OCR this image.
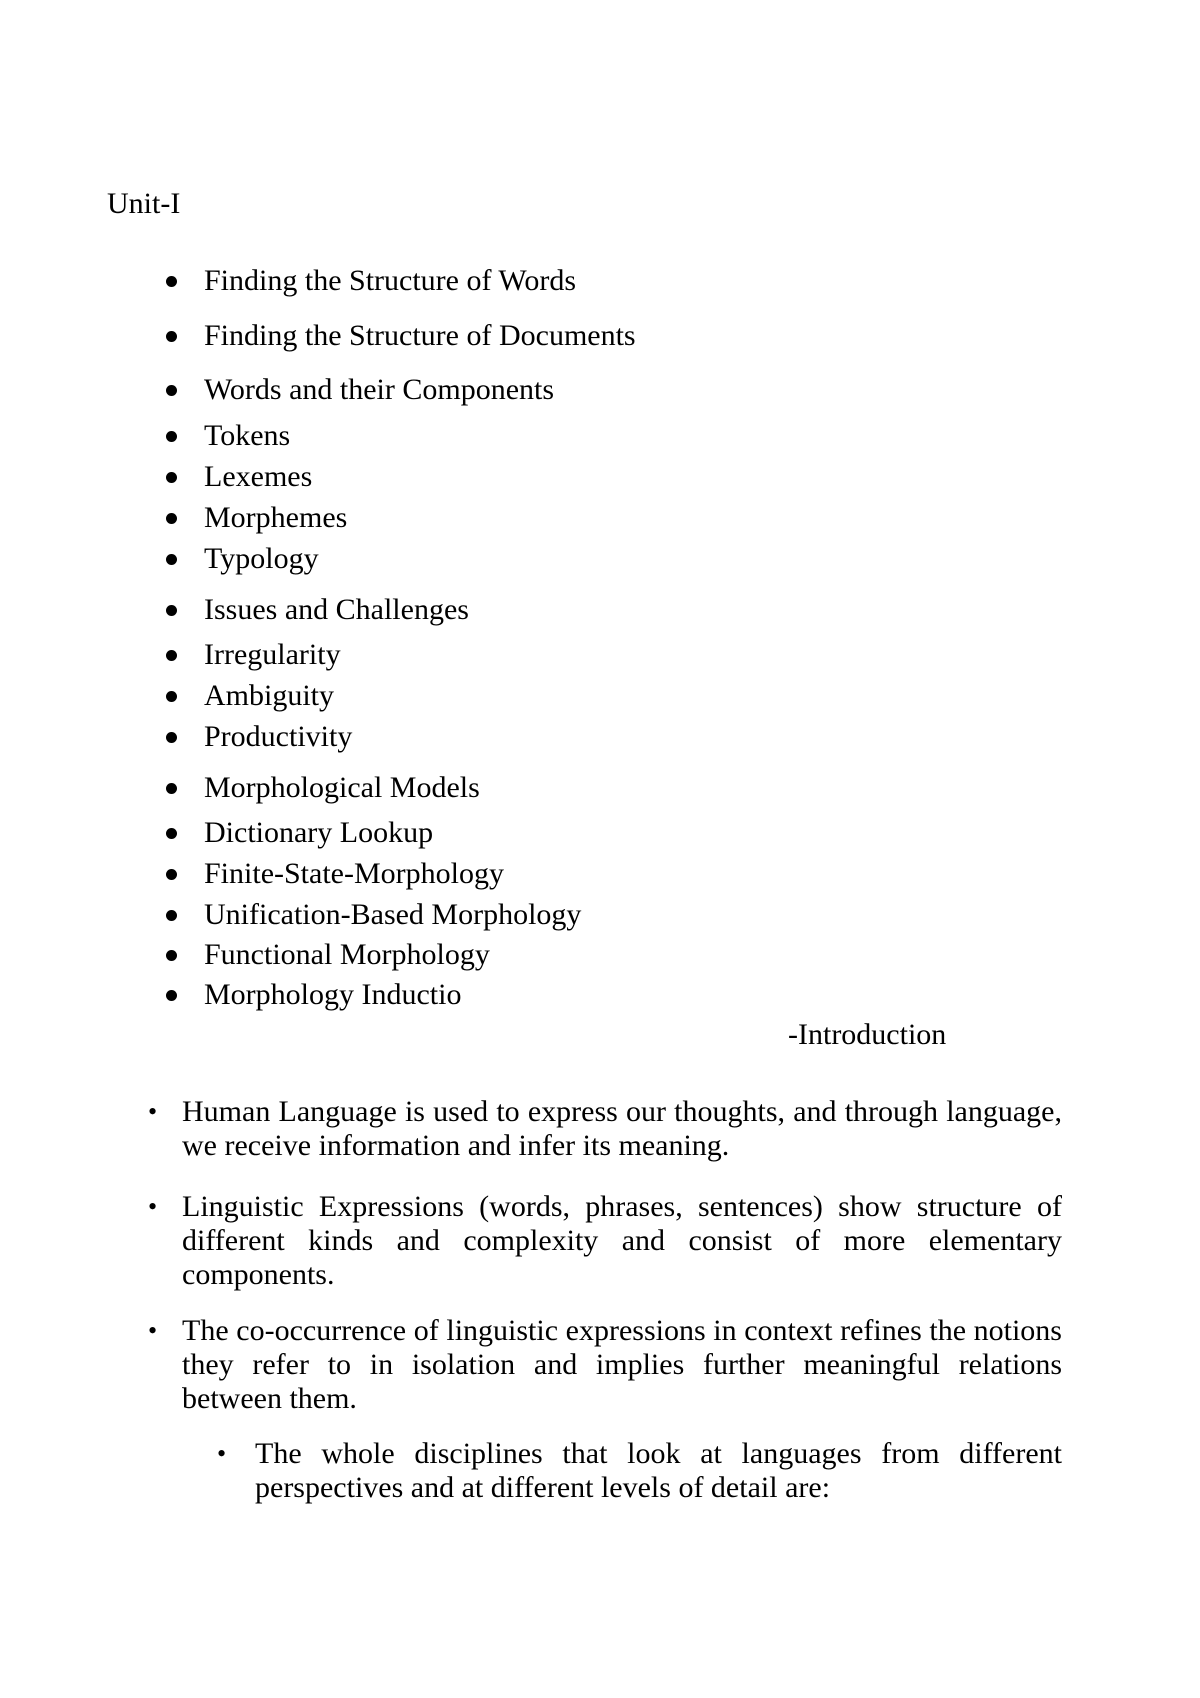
Unit-I
Finding the Structure of Words
Finding the Structure of Documents
Words and their Components
Tokens
Lexemes
Morphemes
Typology
Issues and Challenges
Irregularity
Ambiguity
Productivity
Morphological Models
Dictionary Lookup
Finite-State-Morphology
Unification-Based Morphology
Functional Morphology
Morphology Inductio
-Introduction
• Human Language is used to express our thoughts, and through language, we receive information and infer its meaning.
• Linguistic Expressions (words, phrases, sentences) show structure of different kinds and complexity and consist of more elementary components.
• The co-occurrence of linguistic expressions in context refines the notions they refer to in isolation and implies further meaningful relations between them.
• The whole disciplines that look at languages from different perspectives and at different levels of detail are:
